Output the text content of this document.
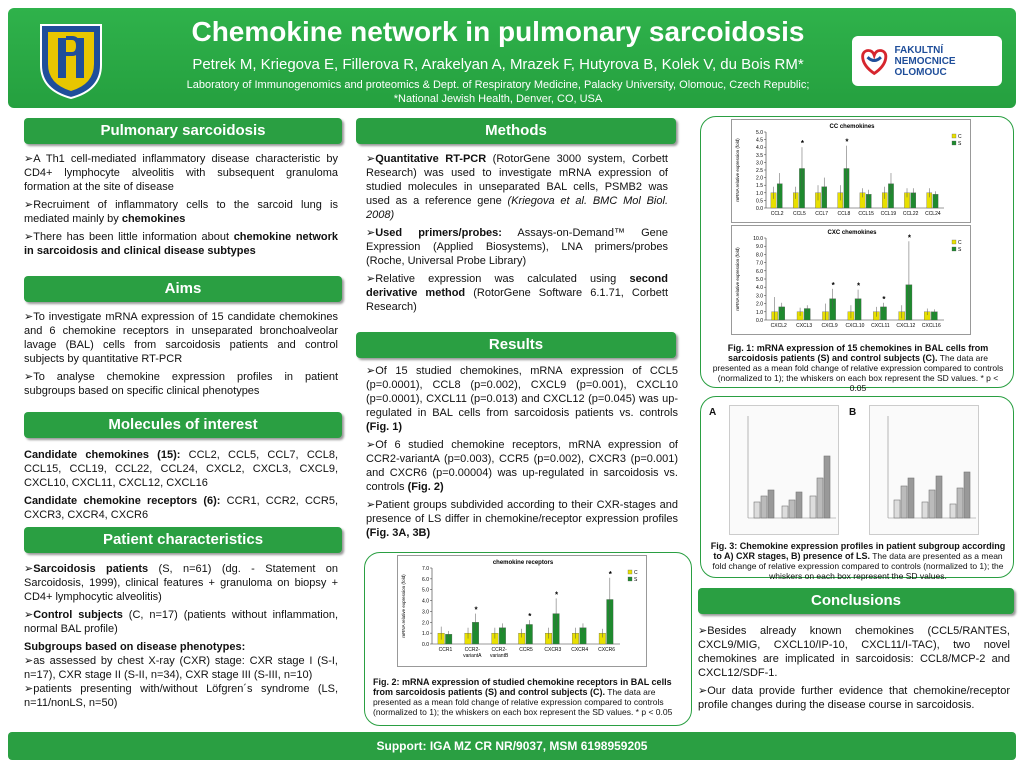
Chemokine network in pulmonary sarcoidosis
Petrek M, Kriegova E, Fillerova R, Arakelyan A, Mrazek F, Hutyrova B, Kolek V, du Bois RM*
Laboratory of Immunogenomics and proteomics & Dept. of Respiratory Medicine, Palacky University, Olomouc, Czech Republic;
*National Jewish Health, Denver, CO, USA
FAKULTNÍ NEMOCNICE
OLOMOUC
Pulmonary sarcoidosis

➢ A Th1 cell-mediated inflammatory disease characteristic by CD4+ lymphocyte alveolitis with subsequent granuloma formation at the site of disease

➢ Recruiment of inflammatory cells to the sarcoid lung is mediated mainly by chemokines

➢ There has been little information about chemokine network in sarcoidosis and clinical disease subtypes

Aims

➢ To investigate mRNA expression of 15 candidate chemokines and 6 chemokine receptors in unseparated bronchoalveolar lavage (BAL) cells from sarcoidosis patients and control subjects by quantitative RT-PCR

➢ To analyse chemokine expression profiles in patient subgroups based on specific clinical phenotypes

Molecules of interest

Candidate chemokines (15): CCL2, CCL5, CCL7, CCL8, CCL15, CCL19, CCL22, CCL24, CXCL2, CXCL3, CXCL9, CXCL10, CXCL11, CXCL12, CXCL16

Candidate chemokine receptors (6): CCR1, CCR2, CCR5, CXCR3, CXCR4, CXCR6

Patient characteristics

➢ Sarcoidosis patients (S, n=61) (dg. - Statement on Sarcoidosis, 1999), clinical features + granuloma on biopsy + CD4+ lymphocytic alveolitis)

➢ Control subjects (C, n=17) (patients without inflammation, normal BAL profile)

Subgroups based on disease phenotypes:

➢ as assessed by chest X-ray (CXR) stage: CXR stage I (S-I, n=17), CXR stage II (S-II, n=34), CXR stage III (S-III, n=10)

➢ patients presenting with/without Löfgren´s syndrome (LS, n=11/nonLS, n=50)

Methods

➢ Quantitative RT-PCR (RotorGene 3000 system, Corbett Research) was used to investigate mRNA expression of studied molecules in unseparated BAL cells, PSMB2 was used as a reference gene (Kriegova et al. BMC Mol Biol. 2008)

➢ Used primers/probes: Assays-on-Demand™ Gene Expression (Applied Biosystems), LNA primers/probes (Roche, Universal Probe Library)

➢ Relative expression was calculated using second derivative method (RotorGene Software 6.1.71, Corbett Research)

Results

➢ Of 15 studied chemokines, mRNA expression of CCL5 (p=0.0001), CCL8 (p=0.002), CXCL9 (p=0.001), CXCL10 (p=0.0001), CXCL11 (p=0.013) and CXCL12 (p=0.045) was up-regulated in BAL cells from sarcoidosis patients vs. controls (Fig. 1)

➢ Of 6 studied chemokine receptors, mRNA expression of CCR2-variantA (p=0.003), CCR5 (p=0.002), CXCR3 (p=0.001) and CXCR6 (p=0.00004) was up-regulated in sarcoidosis vs. controls (Fig. 2)

➢ Patient groups subdivided according to their CXR-stages and presence of LS differ in chemokine/receptor expression profiles (Fig. 3A, 3B)

chemokine receptors
mRNA relative expression (fold)
0.0
1.0
2.0
3.0
4.0
5.0
6.0
7.0
CCR1
*
CCR2-
variantA
CCR2-
variantB
*
CCR5
*
CXCR3 CXCR4
*
CXCR6
C
S
Fig. 2: mRNA expression of studied chemokine receptors in BAL cells from sarcoidosis patients (S) and control subjects (C). The data are presented as a mean fold change of relative expression compared to controls (normalized to 1); the whiskers on each box represent the SD values. * p < 0.05
CC chemokines
mRNA relative expression (fold)
0.0
0.5
1.0
1.5
2.0
2.5
3.0
3.5
4.0
4.5
5.0
CCL2
*
CCL5 CCL7
*
CCL8 CCL15 CCL19 CCL22 CCL24
C
S
CXC chemokines
mRNA relative expression (fold)
0.0
1.0
2.0
3.0
4.0
5.0
6.0
7.0
8.0
9.0
10.0
CXCL2 CXCL3
*
CXCL9
*
CXCL10
*
CXCL11
*
CXCL12 CXCL16
C
S
Fig. 1: mRNA expression of 15 chemokines in BAL cells from sarcoidosis patients (S) and control subjects (C). The data are presented as a mean fold change of relative expression compared to controls (normalized to 1); the whiskers on each box represent the SD values. * p < 0.05
A	B
Fig. 3: Chemokine expression profiles in patient subgroup according to A) CXR stages, B) presence of LS. The data are presented as a mean fold change of relative expression compared to controls (normalized to 1); the whiskers on each box represent the SD values.
Conclusions

➢ Besides already known chemokines (CCL5/RANTES, CXCL9/MIG, CXCL10/IP-10, CXCL11/I-TAC), two novel chemokines are implicated in sarcoidosis: CCL8/MCP-2 and CXCL12/SDF-1.

➢ Our data provide further evidence that chemokine/receptor profile changes during the disease course in sarcoidosis.

Support: IGA MZ CR NR/9037, MSM 6198959205
